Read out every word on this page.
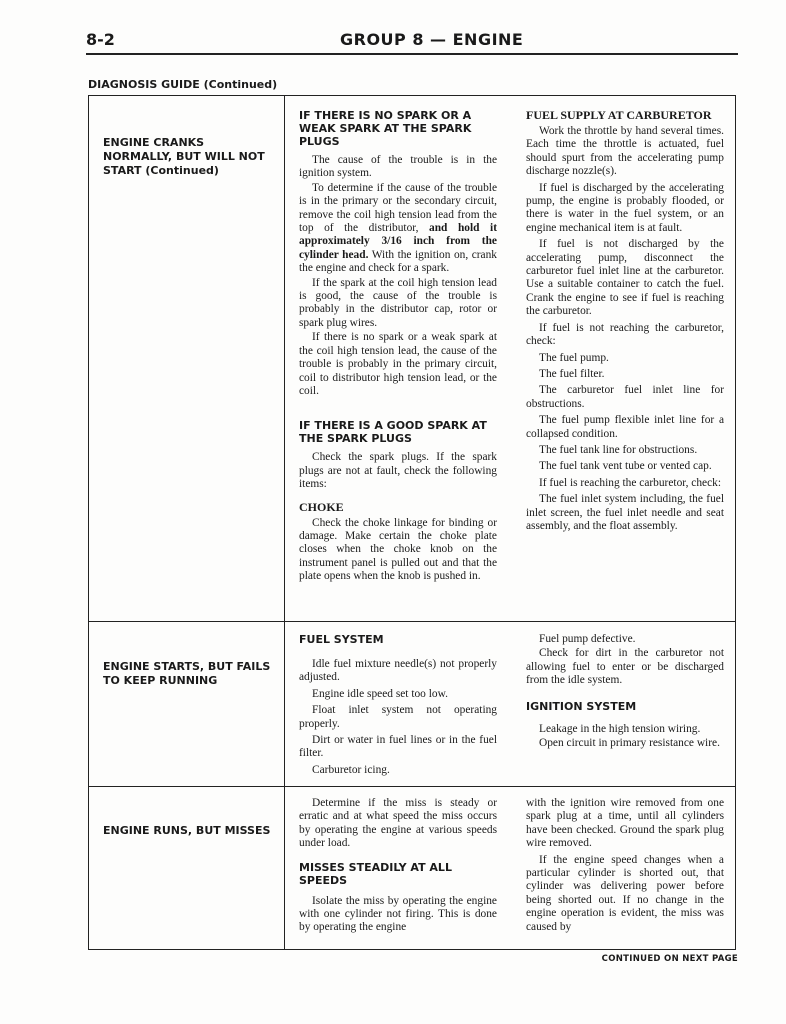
8-2	GROUP 8 — ENGINE
DIAGNOSIS GUIDE (Continued)
ENGINE CRANKS NORMALLY, BUT WILL NOT START (Continued)
IF THERE IS NO SPARK OR A WEAK SPARK AT THE SPARK PLUGS

The cause of the trouble is in the ignition system.

To determine if the cause of the trouble is in the primary or the secondary circuit, remove the coil high tension lead from the top of the distributor, and hold it approximately 3/16 inch from the cylinder head. With the ignition on, crank the engine and check for a spark.

If the spark at the coil high tension lead is good, the cause of the trouble is probably in the distributor cap, rotor or spark plug wires.

If there is no spark or a weak spark at the coil high tension lead, the cause of the trouble is probably in the primary circuit, coil to distributor high tension lead, or the coil.

IF THERE IS A GOOD SPARK AT THE SPARK PLUGS

Check the spark plugs. If the spark plugs are not at fault, check the following items:

CHOKE

Check the choke linkage for binding or damage. Make certain the choke plate closes when the choke knob on the instrument panel is pulled out and that the plate opens when the knob is pushed in.

FUEL SUPPLY AT CARBURETOR

Work the throttle by hand several times. Each time the throttle is actuated, fuel should spurt from the accelerating pump discharge nozzle(s).

If fuel is discharged by the accelerating pump, the engine is probably flooded, or there is water in the fuel system, or an engine mechanical item is at fault.

If fuel is not discharged by the accelerating pump, disconnect the carburetor fuel inlet line at the carburetor. Use a suitable container to catch the fuel. Crank the engine to see if fuel is reaching the carburetor.

If fuel is not reaching the carburetor, check:

The fuel pump.

The fuel filter.

The carburetor fuel inlet line for obstructions.

The fuel pump flexible inlet line for a collapsed condition.

The fuel tank line for obstructions.

The fuel tank vent tube or vented cap.

If fuel is reaching the carburetor, check:

The fuel inlet system including, the fuel inlet screen, the fuel inlet needle and seat assembly, and the float assembly.

ENGINE STARTS, BUT FAILS TO KEEP RUNNING
FUEL SYSTEM

Idle fuel mixture needle(s) not properly adjusted.

Engine idle speed set too low.

Float inlet system not operating properly.

Dirt or water in fuel lines or in the fuel filter.

Carburetor icing.

Fuel pump defective.

Check for dirt in the carburetor not allowing fuel to enter or be discharged from the idle system.

IGNITION SYSTEM

Leakage in the high tension wiring.

Open circuit in primary resistance wire.

ENGINE RUNS, BUT MISSES

Determine if the miss is steady or erratic and at what speed the miss occurs by operating the engine at various speeds under load.

MISSES STEADILY AT ALL SPEEDS

Isolate the miss by operating the engine with one cylinder not firing. This is done by operating the engine

with the ignition wire removed from one spark plug at a time, until all cylinders have been checked. Ground the spark plug wire removed.

If the engine speed changes when a particular cylinder is shorted out, that cylinder was delivering power before being shorted out. If no change in the engine operation is evident, the miss was caused by

CONTINUED ON NEXT PAGE
